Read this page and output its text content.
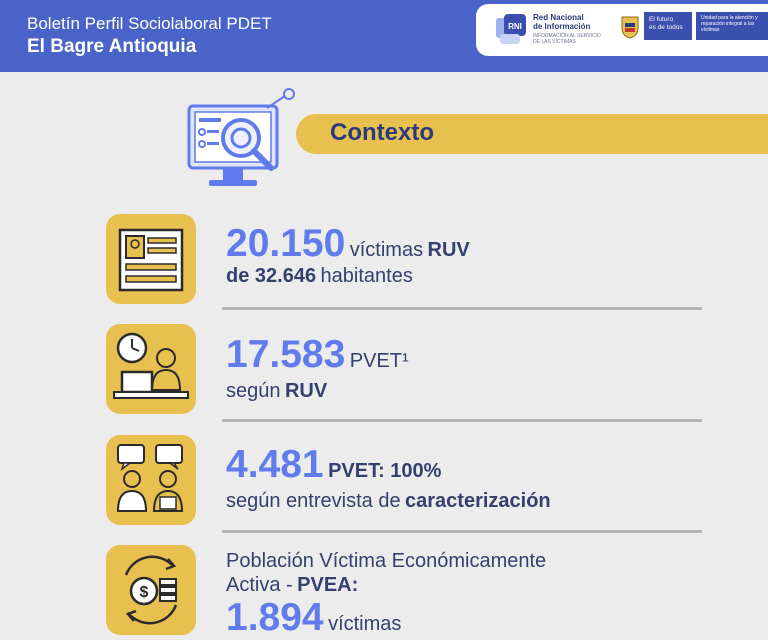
Boletín Perfil Sociolaboral PDET
El Bagre Antioquia
RNI
Red Nacional
de Información
INFORMACIÓN AL SERVICIO DE LAS VÍCTIMAS
El futuro
es de todos
Unidad para la atención y reparación integral a las víctimas
Contexto
20.150 víctimas RUV
de 32.646 habitantes
17.583 PVET¹
según RUV
4.481 PVET: 100%
según entrevista de caracterización
$
Población Víctima Económicamente
Activa - PVEA:
1.894 víctimas
